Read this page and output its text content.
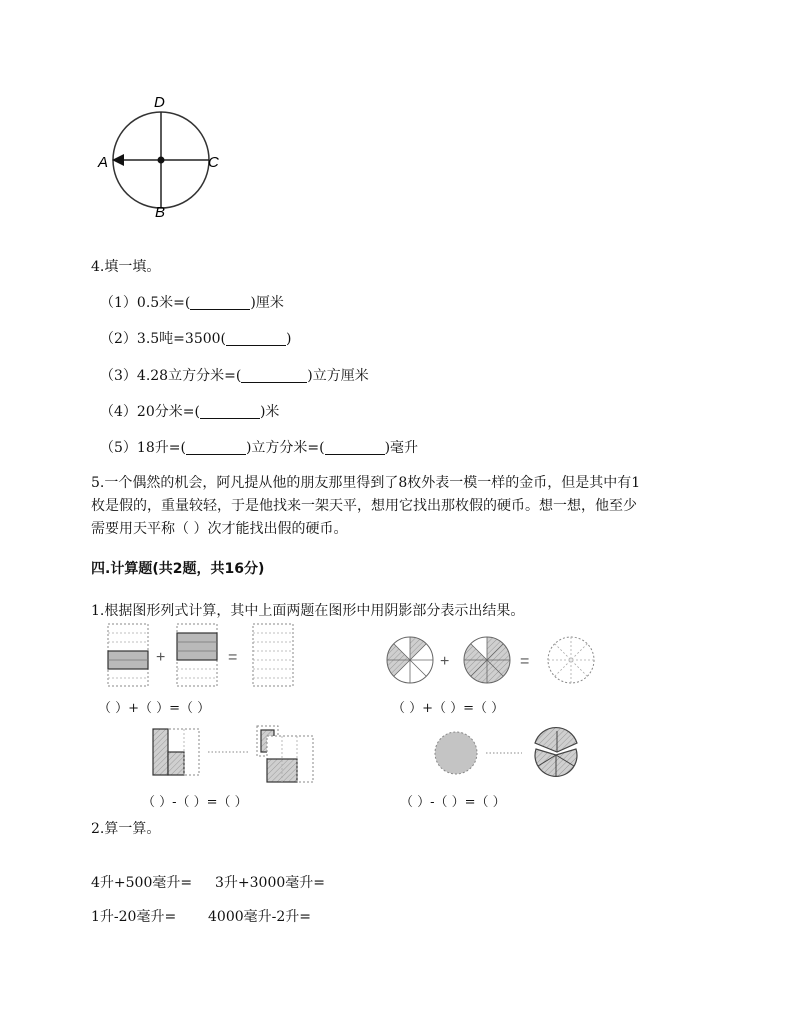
D
A	C
B
4.填一填。
（1）0.5米=(	)厘米
（2）3.5吨=3500(	)
（3）4.28立方分米=(	)立方厘米
（4）20分米=(	)米
（5）18升=(	)立方分米=(	)毫升
5.一个偶然的机会，阿凡提从他的朋友那里得到了8枚外表一模一样的金币，但是其中有1
枚是假的，重量较轻，于是他找来一架天平，想用它找出那枚假的硬币。想一想，他至少
需要用天平称（ ）次才能找出假的硬币。
四.计算题(共2题，共16分)
1.根据图形列式计算，其中上面两题在图形中用阴影部分表示出结果。
+	=	+	=
（ ）+（ ）=（ ）	（ ）+（ ）=（ ）
（ ）-（ ）=（ ）	（ ）-（ ）=（ ）
2.算一算。
4升+500毫升= 3升+3000毫升=
1升-20毫升= 4000毫升-2升=
